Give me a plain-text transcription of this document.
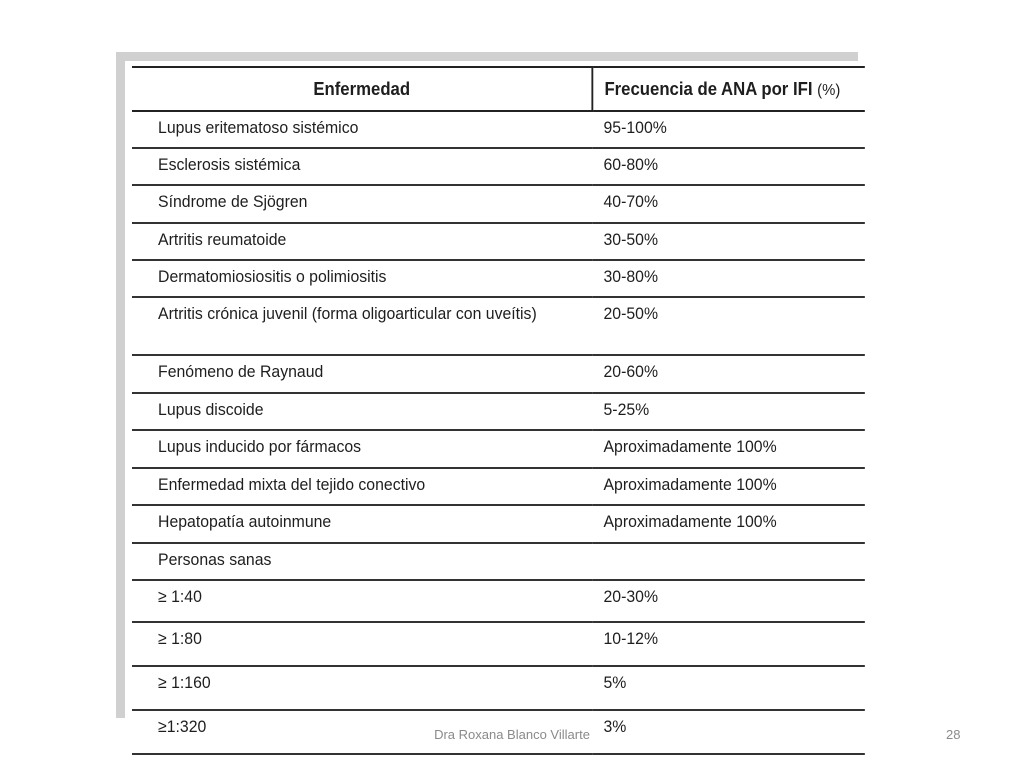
Enfermedad	Frecuencia de ANA por IFI (%)
Lupus eritematoso sistémico	95-100%
Esclerosis sistémica	60-80%
Síndrome de Sjögren	40-70%
Artritis reumatoide	30-50%
Dermatomiosiositis o polimiositis	30-80%
Artritis crónica juvenil (forma oligoarticular con uveítis)	20-50%
Fenómeno de Raynaud	20-60%
Lupus discoide	5-25%
Lupus inducido por fármacos	Aproximadamente 100%
Enfermedad mixta del tejido conectivo	Aproximadamente 100%
Hepatopatía autoinmune	Aproximadamente 100%
Personas sanas	
≥ 1:40	20-30%
≥ 1:80	10-12%
≥ 1:160	5%
≥1:320	3%
Dra Roxana Blanco Villarte	28
